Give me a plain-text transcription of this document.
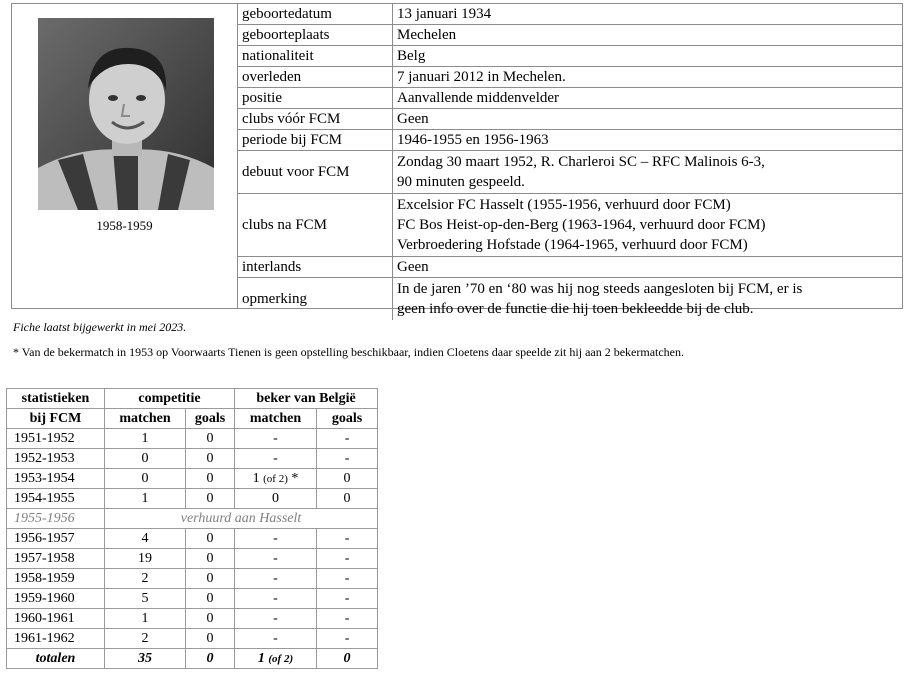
1958-1959
geboortedatum	13 januari 1934

geboorteplaats	Mechelen

nationaliteit	Belg

overleden	7 januari 2012 in Mechelen.

positie	Aanvallende middenvelder

clubs vóór FCM	Geen

periode bij FCM	1946-1955 en 1956-1963

debuut voor FCM	Zondag 30 maart 1952, R. Charleroi SC – RFC Malinois 6-3,
90 minuten gespeeld.

clubs na FCM	Excelsior FC Hasselt (1955-1956, verhuurd door FCM)
FC Bos Heist-op-den-Berg (1963-1964, verhuurd door FCM)
Verbroedering Hofstade (1964-1965, verhuurd door FCM)

interlands	Geen

opmerking	In de jaren ’70 en ‘80 was hij nog steeds aangesloten bij FCM, er is
geen info over de functie die hij toen bekleedde bij de club.
Fiche laatst bijgewerkt in mei 2023.
* Van de bekermatch in 1953 op Voorwaarts Tienen is geen opstelling beschikbaar, indien Cloetens daar speelde zit hij aan 2 bekermatchen.
statistieken	competitie		beker van België	
bij FCM	matchen	goals	matchen	goals
1951-1952	1	0	-	-
1952-1953	0	0	-	-
1953-1954	0	0	1 (of 2) *	0
1954-1955	1	0	0	0
1955-1956	verhuurd aan Hasselt			
1956-1957	4	0	-	-
1957-1958	19	0	-	-
1958-1959	2	0	-	-
1959-1960	5	0	-	-
1960-1961	1	0	-	-
1961-1962	2	0	-	-
totalen	35	0	1 (of 2)	0
